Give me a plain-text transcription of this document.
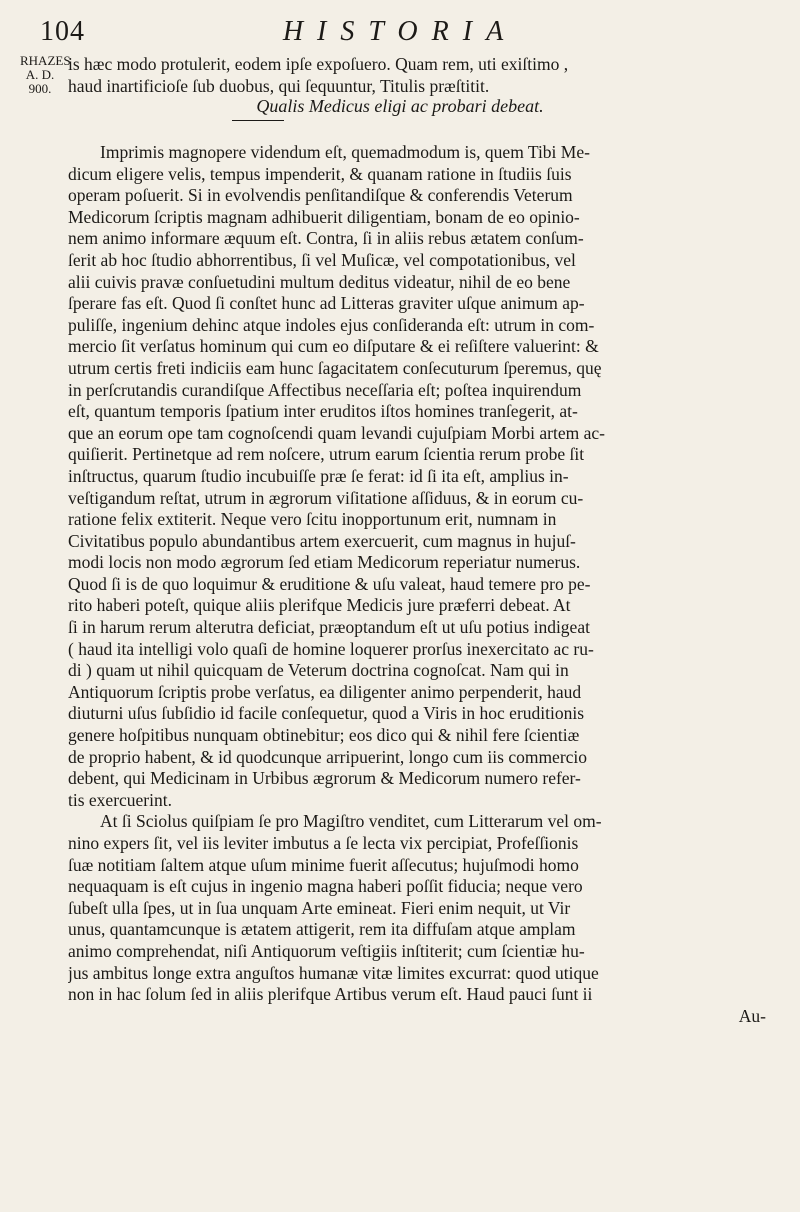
104	HISTORIA
RHAZES
A. D.
900.
is hæc modo protulerit, eodem ipſe expoſuero. Quam rem, uti exiſtimo ,
haud inartificioſe ſub duobus, qui ſequuntur, Titulis præſtitit.
Qualis Medicus eligi ac probari debeat.
Imprimis magnopere videndum eſt, quemadmodum is, quem Tibi Me-
dicum eligere velis, tempus impenderit, & quanam ratione in ſtudiis ſuis
operam poſuerit. Si in evolvendis penſitandiſque & conferendis Veterum
Medicorum ſcriptis magnam adhibuerit diligentiam, bonam de eo opinio-
nem animo informare æquum eſt. Contra, ſi in aliis rebus ætatem conſum-
ſerit ab hoc ſtudio abhorrentibus, ſi vel Muſicæ, vel compotationibus, vel
alii cuivis pravæ conſuetudini multum deditus videatur, nihil de eo bene
ſperare fas eſt. Quod ſi conſtet hunc ad Litteras graviter uſque animum ap-
puliſſe, ingenium dehinc atque indoles ejus conſideranda eſt: utrum in com-
mercio ſit verſatus hominum qui cum eo diſputare & ei reſiſtere valuerint: &
utrum certis freti indiciis eam hunc ſagacitatem conſecuturum ſperemus, quę
in perſcrutandis curandiſque Affectibus neceſſaria eſt; poſtea inquirendum
eſt, quantum temporis ſpatium inter eruditos iſtos homines tranſegerit, at-
que an eorum ope tam cognoſcendi quam levandi cujuſpiam Morbi artem ac-
quiſierit. Pertinetque ad rem noſcere, utrum earum ſcientia rerum probe ſit
inſtructus, quarum ſtudio incubuiſſe præ ſe ferat: id ſi ita eſt, amplius in-
veſtigandum reſtat, utrum in ægrorum viſitatione aſſiduus, & in eorum cu-
ratione felix extiterit. Neque vero ſcitu inopportunum erit, numnam in
Civitatibus populo abundantibus artem exercuerit, cum magnus in hujuſ-
modi locis non modo ægrorum ſed etiam Medicorum reperiatur numerus.
Quod ſi is de quo loquimur & eruditione & uſu valeat, haud temere pro pe-
rito haberi poteſt, quique aliis plerifque Medicis jure præferri debeat. At
ſi in harum rerum alterutra deficiat, præoptandum eſt ut uſu potius indigeat
( haud ita intelligi volo quaſi de homine loquerer prorſus inexercitato ac ru-
di ) quam ut nihil quicquam de Veterum doctrina cognoſcat. Nam qui in
Antiquorum ſcriptis probe verſatus, ea diligenter animo perpenderit, haud
diuturni uſus ſubſidio id facile conſequetur, quod a Viris in hoc eruditionis
genere hoſpitibus nunquam obtinebitur; eos dico qui & nihil fere ſcientiæ
de proprio habent, & id quodcunque arripuerint, longo cum iis commercio
debent, qui Medicinam in Urbibus ægrorum & Medicorum numero refer-
tis exercuerint.
At ſi Sciolus quiſpiam ſe pro Magiſtro venditet, cum Litterarum vel om-
nino expers ſit, vel iis leviter imbutus a ſe lecta vix percipiat, Profeſſionis
ſuæ notitiam ſaltem atque uſum minime fuerit aſſecutus; hujuſmodi homo
nequaquam is eſt cujus in ingenio magna haberi poſſit fiducia; neque vero
ſubeſt ulla ſpes, ut in ſua unquam Arte emineat. Fieri enim nequit, ut Vir
unus, quantamcunque is ætatem attigerit, rem ita diffuſam atque amplam
animo comprehendat, niſi Antiquorum veſtigiis inſtiterit; cum ſcientiæ hu-
jus ambitus longe extra anguſtos humanæ vitæ limites excurrat: quod utique
non in hac ſolum ſed in aliis plerifque Artibus verum eſt. Haud pauci ſunt ii
Au-
